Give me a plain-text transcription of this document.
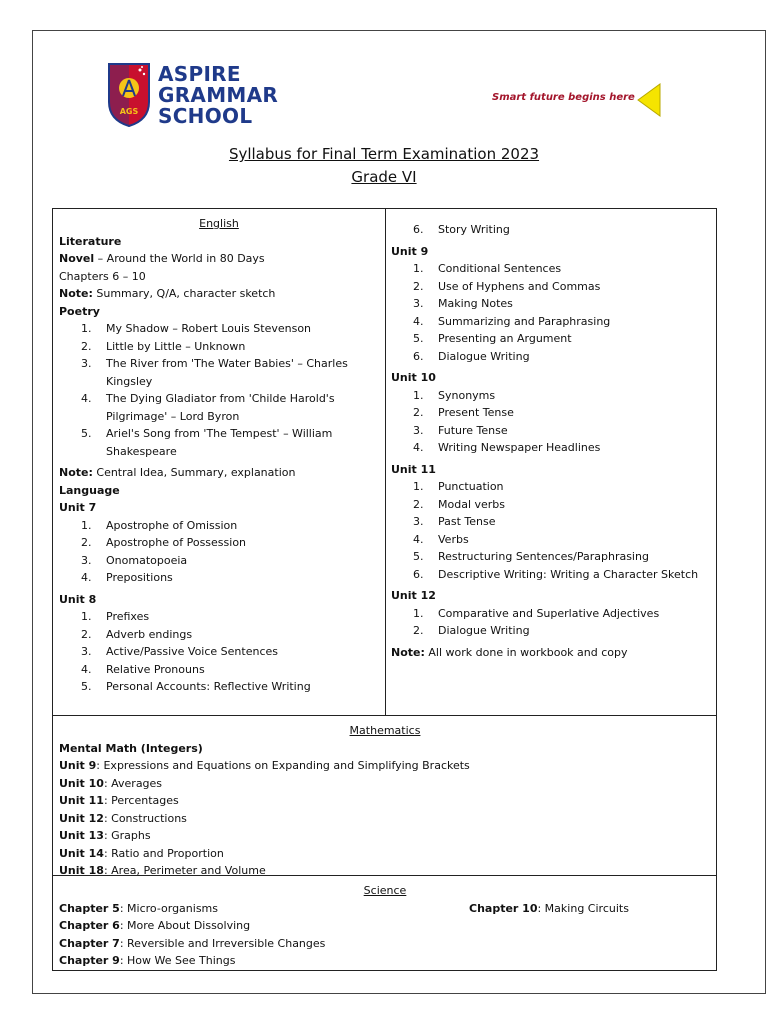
AGS
ASPIRE
GRAMMAR
SCHOOL
Smart future begins here
Syllabus for Final Term Examination 2023
Grade VI
English
Literature
Novel – Around the World in 80 Days
Chapters 6 – 10
Note: Summary, Q/A, character sketch
Poetry
1. My Shadow – Robert Louis Stevenson
2. Little by Little – Unknown
3. The River from 'The Water Babies' – Charles Kingsley
4. The Dying Gladiator from 'Childe Harold's Pilgrimage' – Lord Byron
5. Ariel's Song from 'The Tempest' – William Shakespeare
Note: Central Idea, Summary, explanation
Language
Unit 7
1. Apostrophe of Omission
2. Apostrophe of Possession
3. Onomatopoeia
4. Prepositions
Unit 8
1. Prefixes
2. Adverb endings
3. Active/Passive Voice Sentences
4. Relative Pronouns
5. Personal Accounts: Reflective Writing
6. Story Writing
Unit 9
1. Conditional Sentences
2. Use of Hyphens and Commas
3. Making Notes
4. Summarizing and Paraphrasing
5. Presenting an Argument
6. Dialogue Writing
Unit 10
1. Synonyms
2. Present Tense
3. Future Tense
4. Writing Newspaper Headlines
Unit 11
1. Punctuation
2. Modal verbs
3. Past Tense
4. Verbs
5. Restructuring Sentences/Paraphrasing
6. Descriptive Writing: Writing a Character Sketch
Unit 12
1. Comparative and Superlative Adjectives
2. Dialogue Writing
Note: All work done in workbook and copy
Mathematics
Mental Math (Integers)
Unit 9: Expressions and Equations on Expanding and Simplifying Brackets
Unit 10: Averages
Unit 11: Percentages
Unit 12: Constructions
Unit 13: Graphs
Unit 14: Ratio and Proportion
Unit 18: Area, Perimeter and Volume
Science
Chapter 5: Micro-organisms
Chapter 6: More About Dissolving
Chapter 7: Reversible and Irreversible Changes
Chapter 9: How We See Things
Chapter 10: Making Circuits
